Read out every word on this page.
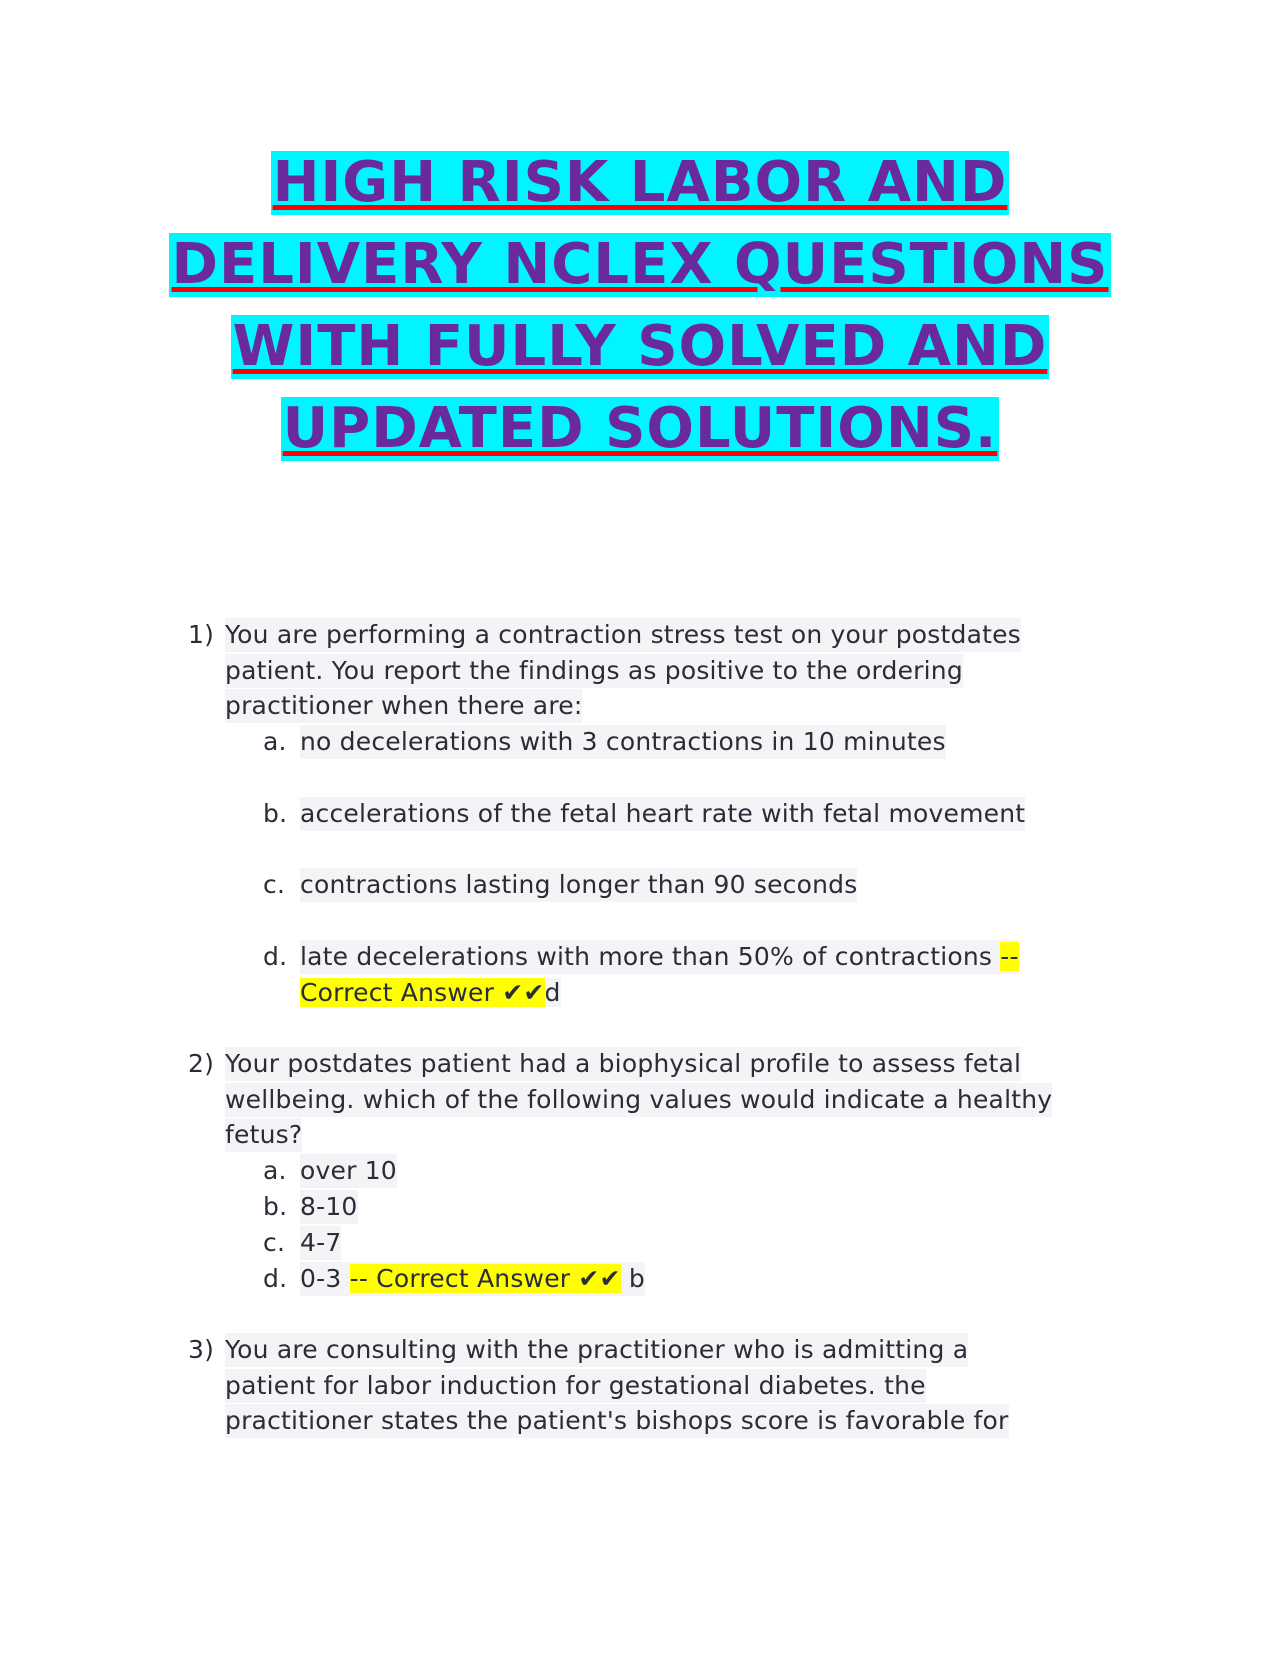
HIGH RISK LABOR AND
DELIVERY NCLEX QUESTIONS
WITH FULLY SOLVED AND
UPDATED SOLUTIONS.
1) You are performing a contraction stress test on your postdates
patient. You report the findings as positive to the ordering
practitioner when there are:
a. no decelerations with 3 contractions in 10 minutes
b. accelerations of the fetal heart rate with fetal movement
c. contractions lasting longer than 90 seconds
d. late decelerations with more than 50% of contractions --
Correct Answer ✔✔d
2) Your postdates patient had a biophysical profile to assess fetal
wellbeing. which of the following values would indicate a healthy
fetus?
a. over 10
b. 8-10
c. 4-7
d. 0-3 -- Correct Answer ✔✔ b
3) You are consulting with the practitioner who is admitting a
patient for labor induction for gestational diabetes. the
practitioner states the patient's bishops score is favorable for
